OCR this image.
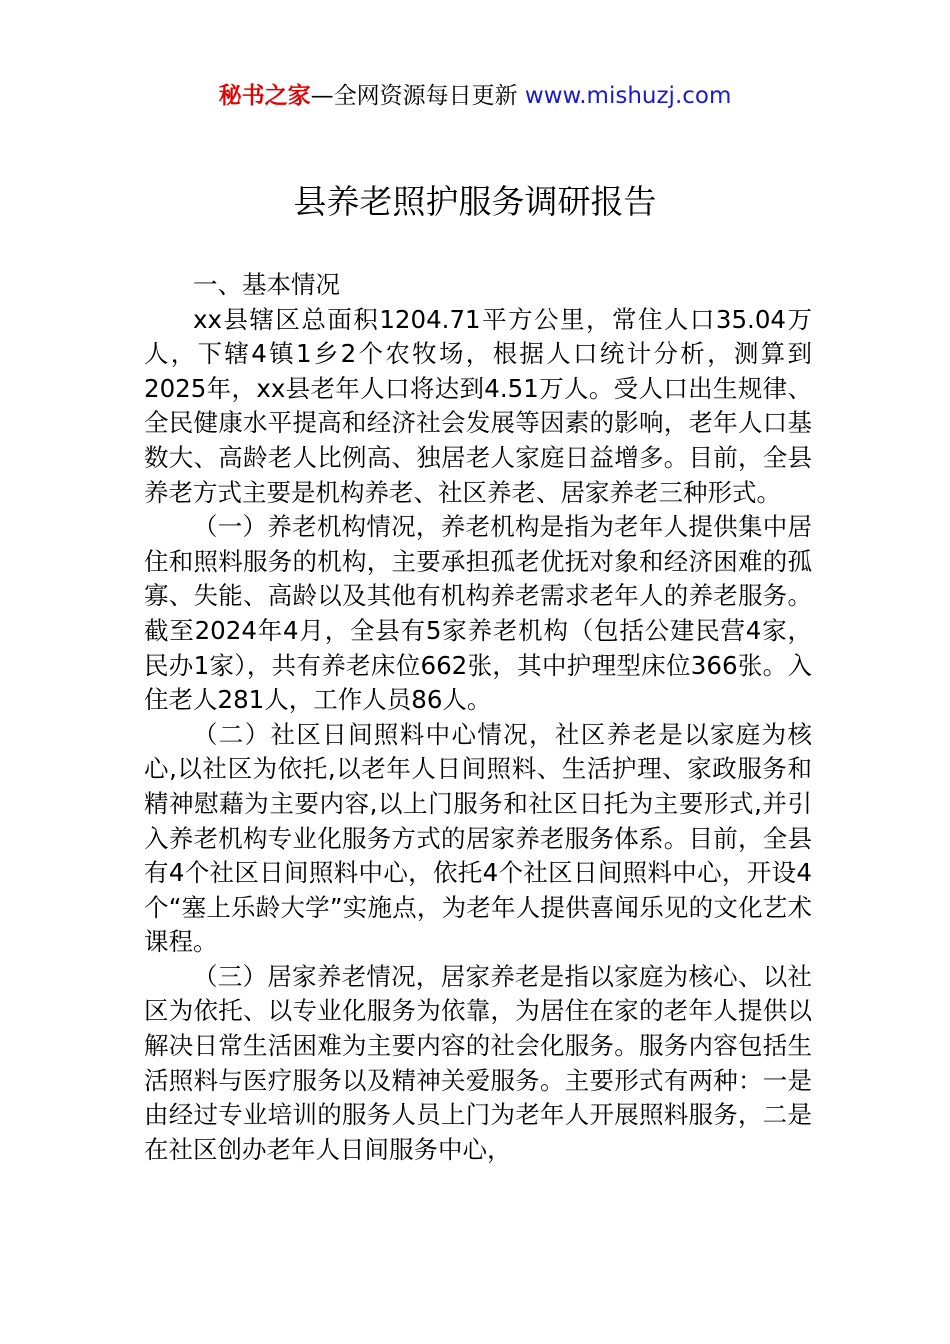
秘书之家—全网资源每日更新 www.mishuzj.com
县养老照护服务调研报告

一、基本情况

xx县辖区总面积1204.71平方公里，常住人口35.04万人，下辖4镇1乡2个农牧场，根据人口统计分析，测算到2025年，xx县老年人口将达到4.51万人。受人口出生规律、全民健康水平提高和经济社会发展等因素的影响，老年人口基数大、高龄老人比例高、独居老人家庭日益增多。目前，全县养老方式主要是机构养老、社区养老、居家养老三种形式。

（一）养老机构情况，养老机构是指为老年人提供集中居住和照料服务的机构，主要承担孤老优抚对象和经济困难的孤寡、失能、高龄以及其他有机构养老需求老年人的养老服务。截至2024年4月，全县有5家养老机构（包括公建民营4家，民办1家），共有养老床位662张，其中护理型床位366张。入住老人281人，工作人员86人。

（二）社区日间照料中心情况，社区养老是以家庭为核心,以社区为依托,以老年人日间照料、生活护理、家政服务和精神慰藉为主要内容,以上门服务和社区日托为主要形式,并引入养老机构专业化服务方式的居家养老服务体系。目前，全县有4个社区日间照料中心，依托4个社区日间照料中心，开设4个“塞上乐龄大学”实施点，为老年人提供喜闻乐见的文化艺术课程。

（三）居家养老情况，居家养老是指以家庭为核心、以社区为依托、以专业化服务为依靠，为居住在家的老年人提供以解决日常生活困难为主要内容的社会化服务。服务内容包括生活照料与医疗服务以及精神关爱服务。主要形式有两种：一是由经过专业培训的服务人员上门为老年人开展照料服务，二是在社区创办老年人日间服务中心，
